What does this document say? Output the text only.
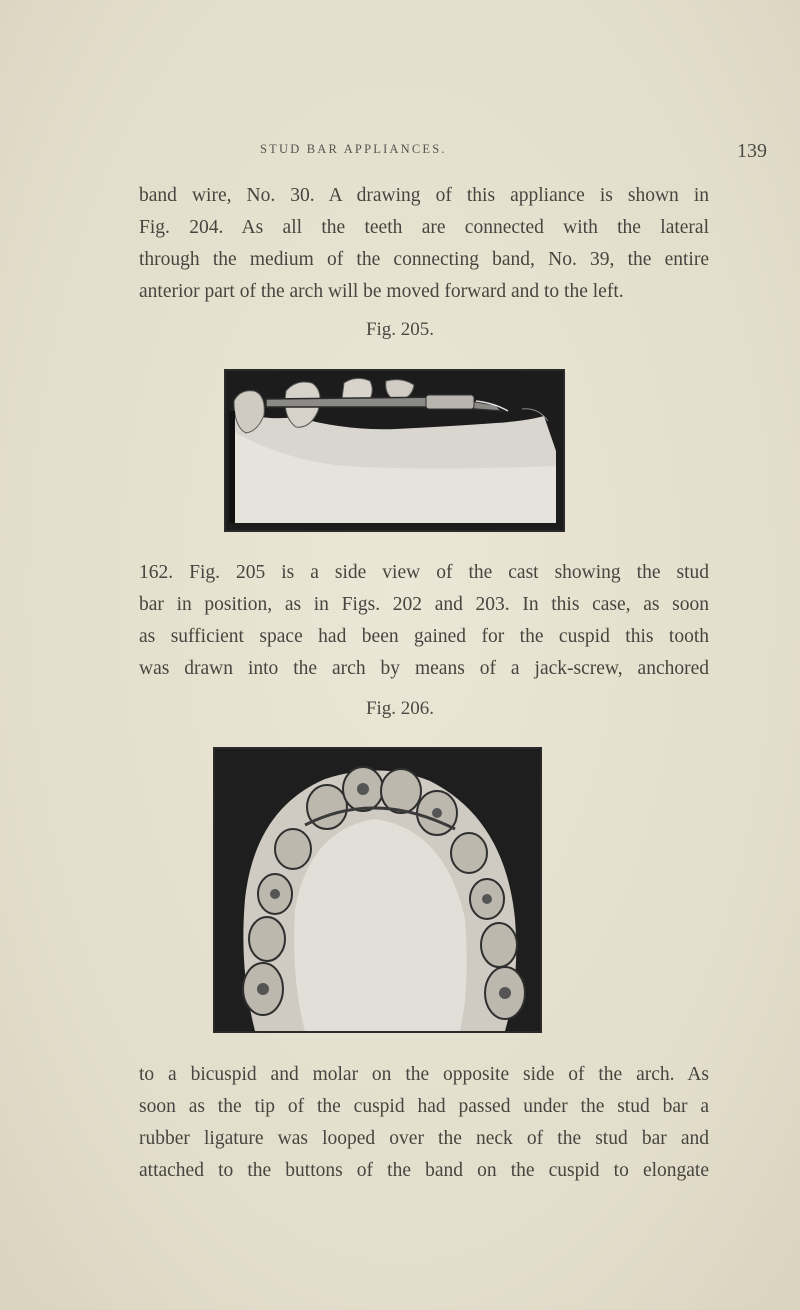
STUD BAR APPLIANCES.	139

band wire, No. 30. A drawing of this appliance is shown in
Fig. 204. As all the teeth are connected with the lateral
through the medium of the connecting band, No. 39, the entire
anterior part of the arch will be moved forward and to the left.

Fig. 205.

162. Fig. 205 is a side view of the cast showing the stud
bar in position, as in Figs. 202 and 203. In this case, as soon
as sufficient space had been gained for the cuspid this tooth
was drawn into the arch by means of a jack-screw, anchored

Fig. 206.

to a bicuspid and molar on the opposite side of the arch. As
soon as the tip of the cuspid had passed under the stud bar a
rubber ligature was looped over the neck of the stud bar and
attached to the buttons of the band on the cuspid to elongate
